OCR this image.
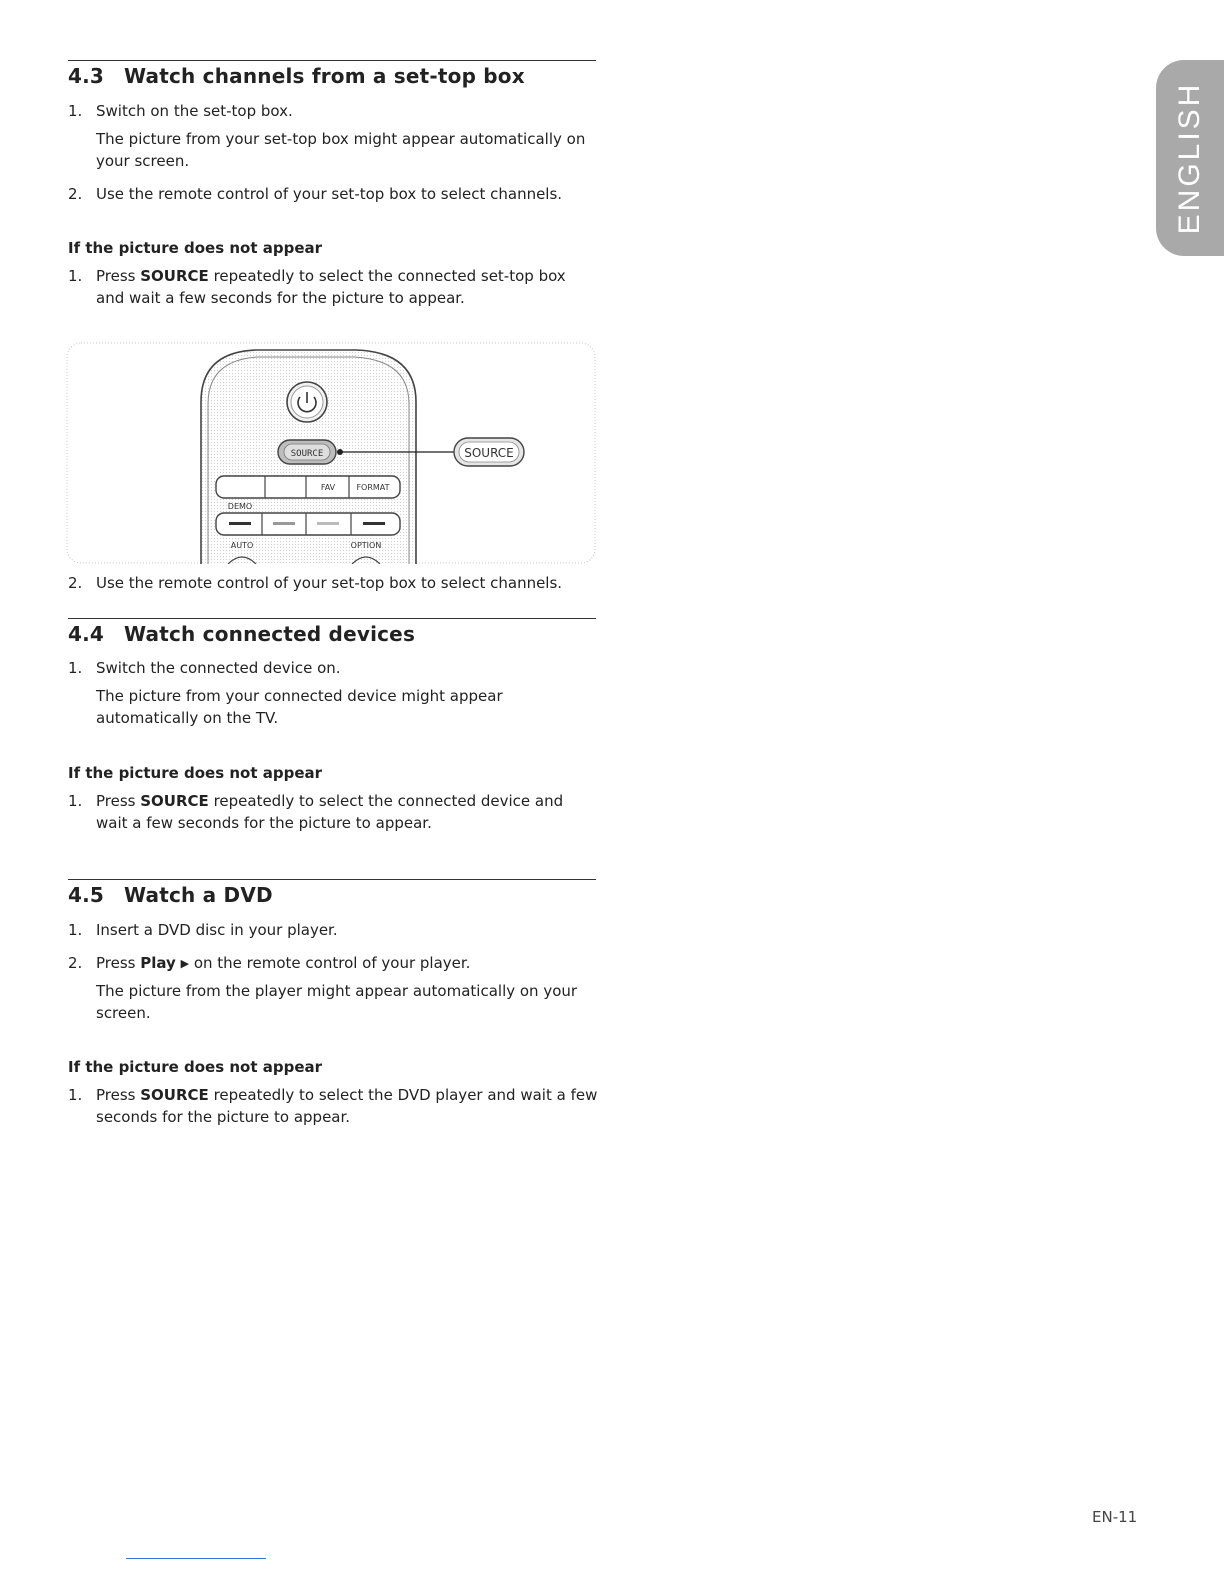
ENGLISH
4.3 Watch channels from a set-top box
1. Switch on the set-top box.
The picture from your set-top box might appear automatically on your screen.
2. Use the remote control of your set-top box to select channels.
If the picture does not appear
1. Press SOURCE repeatedly to select the connected set-top box and wait a few seconds for the picture to appear.
SOURCE	SOURCE
FAV	FORMAT
DEMO
AUTO	OPTION
2. Use the remote control of your set-top box to select channels.
4.4 Watch connected devices
1. Switch the connected device on.
The picture from your connected device might appear automatically on the TV.
If the picture does not appear
1. Press SOURCE repeatedly to select the connected device and wait a few seconds for the picture to appear.
4.5 Watch a DVD
1. Insert a DVD disc in your player.
2. Press Play ▶ on the remote control of your player.
The picture from the player might appear automatically on your screen.
If the picture does not appear
1. Press SOURCE repeatedly to select the DVD player and wait a few seconds for the picture to appear.
EN-11
